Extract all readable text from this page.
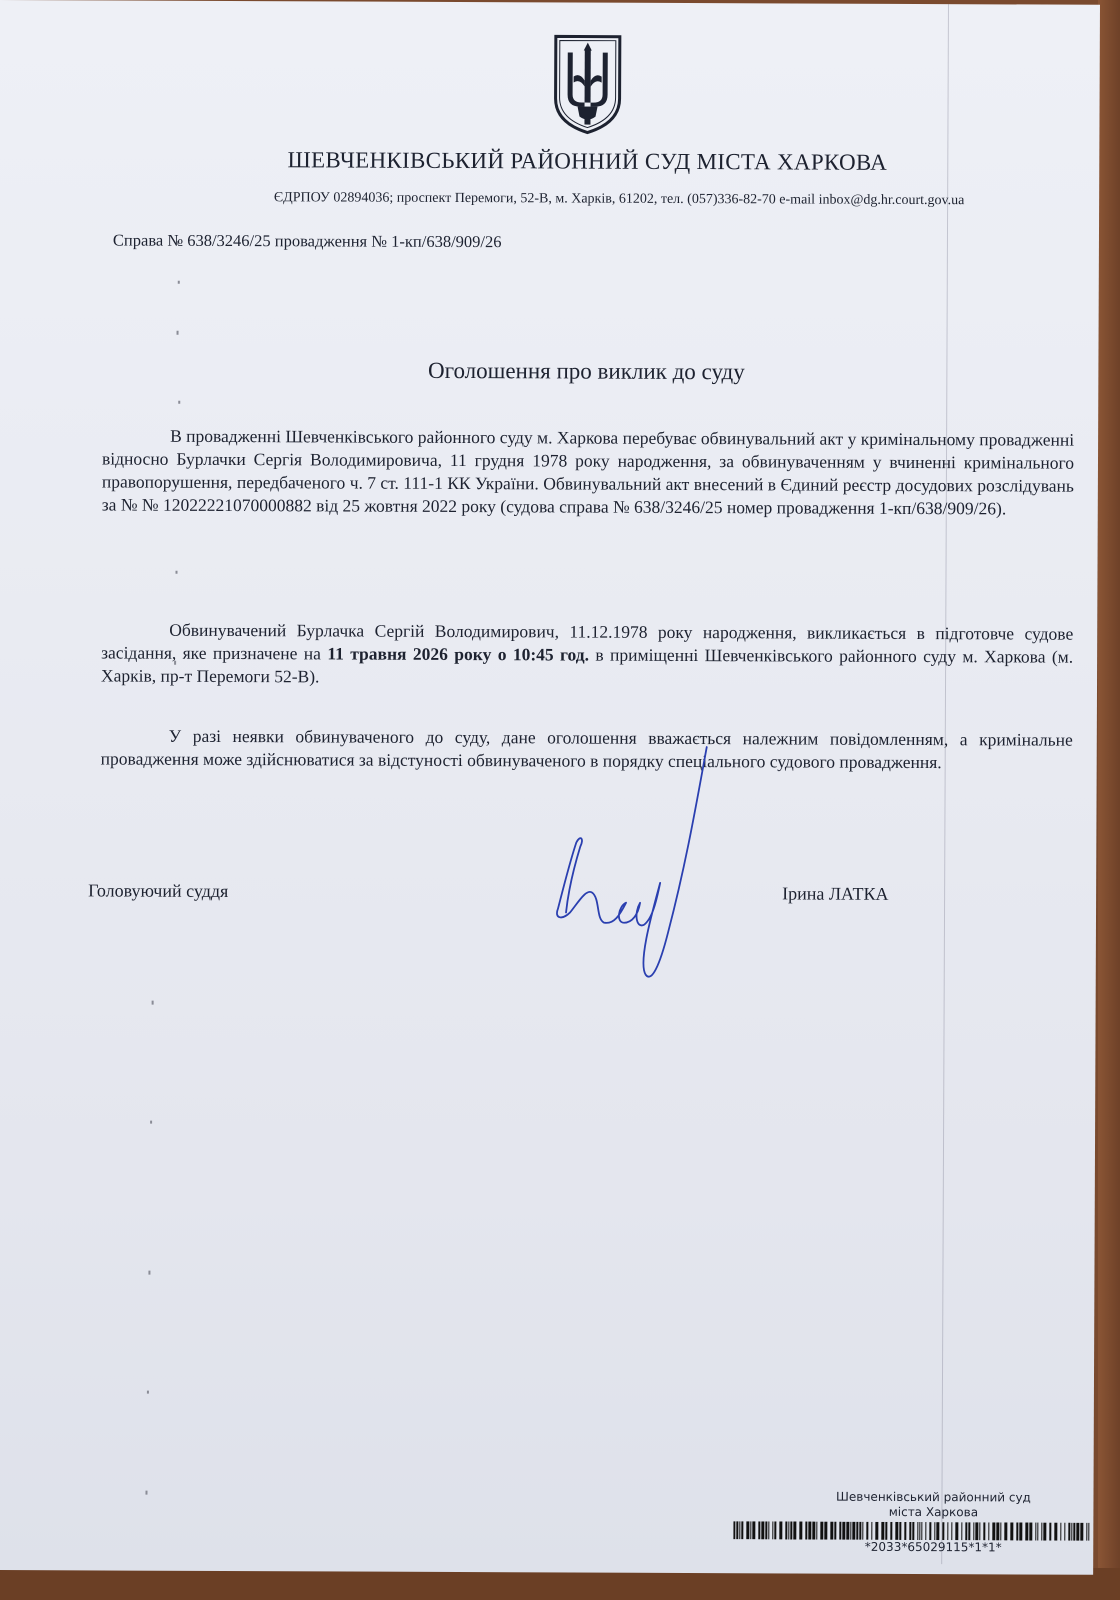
ШЕВЧЕНКІВСЬКИЙ РАЙОННИЙ СУД МІСТА ХАРКОВА
ЄДРПОУ 02894036; проспект Перемоги, 52-В, м. Харків, 61202, тел. (057)336-82-70 e-mail inbox@dg.hr.court.gov.ua
Справа № 638/3246/25 провадження № 1-кп/638/909/26
Оголошення про виклик до суду

В провадженні Шевченківського районного суду м. Харкова перебуває обвинувальний акт у кримінальному провадженні відносно Бурлачки Сергія Володимировича, 11 грудня 1978 року народження, за обвинуваченням у вчиненні кримінального правопорушення, передбаченого ч. 7 ст. 111-1 КК України. Обвинувальний акт внесений в Єдиний реєстр досудових розслідувань за № № 12022221070000882 від 25 жовтня 2022 року (судова справа № 638/3246/25 номер провадження 1-кп/638/909/26).

Обвинувачений Бурлачка Сергій Володимирович, 11.12.1978 року народження, викликається в підготовче судове засідання, яке призначене на 11 травня 2026 року о 10:45 год. в приміщенні Шевченківського районного суду м. Харкова (м. Харків, пр-т Перемоги 52-В).

У разі неявки обвинуваченого до суду, дане оголошення вважається належним повідомленням, а кримінальне провадження може здійснюватися за відстуності обвинуваченого в порядку спеціального судового провадження.

Головуючий суддя	Ірина ЛАТКА
Шевченківський районний суд міста Харкова
*2033*65029115*1*1*
